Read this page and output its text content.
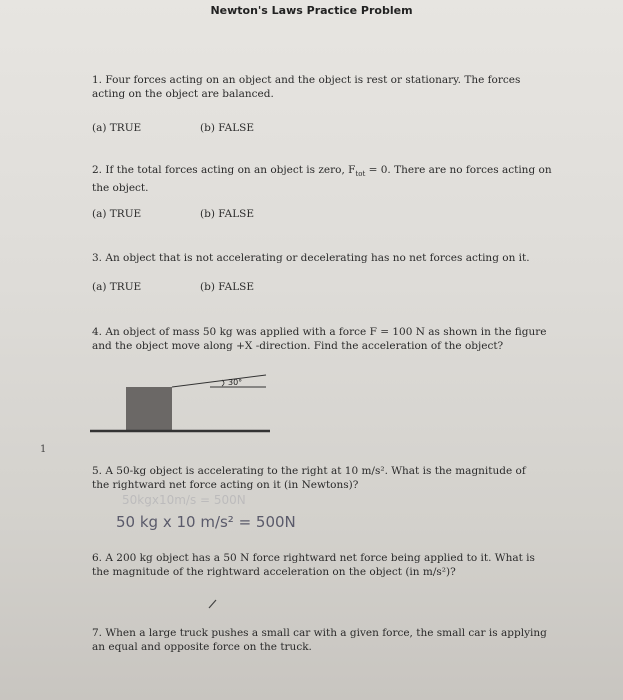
Newton's Laws Practice Problem
1. Four forces acting on an object and the object is rest or stationary. The forces
acting on the object are balanced.
(a) TRUE	(b) FALSE
2. If the total forces acting on an object is zero, $F_{tot} = 0$. There are no forces acting on
the object.
(a) TRUE	(b) FALSE
3. An object that is not accelerating or decelerating has no net forces acting on it.
(a) TRUE	(b) FALSE
4. An object of mass 50 kg was applied with a force F = 100 N as shown in the figure
and the object move along +X -direction. Find the acceleration of the object?
30°
1
5. A 50-kg object is accelerating to the right at 10 m/s². What is the magnitude of
the rightward net force acting on it (in Newtons)?
50kgx10m/s = 500N
50 kg x 10 m/s² = 500N
6. A 200 kg object has a 50 N force rightward net force being applied to it. What is
the magnitude of the rightward acceleration on the object (in m/s²)?
7. When a large truck pushes a small car with a given force, the small car is applying
an equal and opposite force on the truck.
